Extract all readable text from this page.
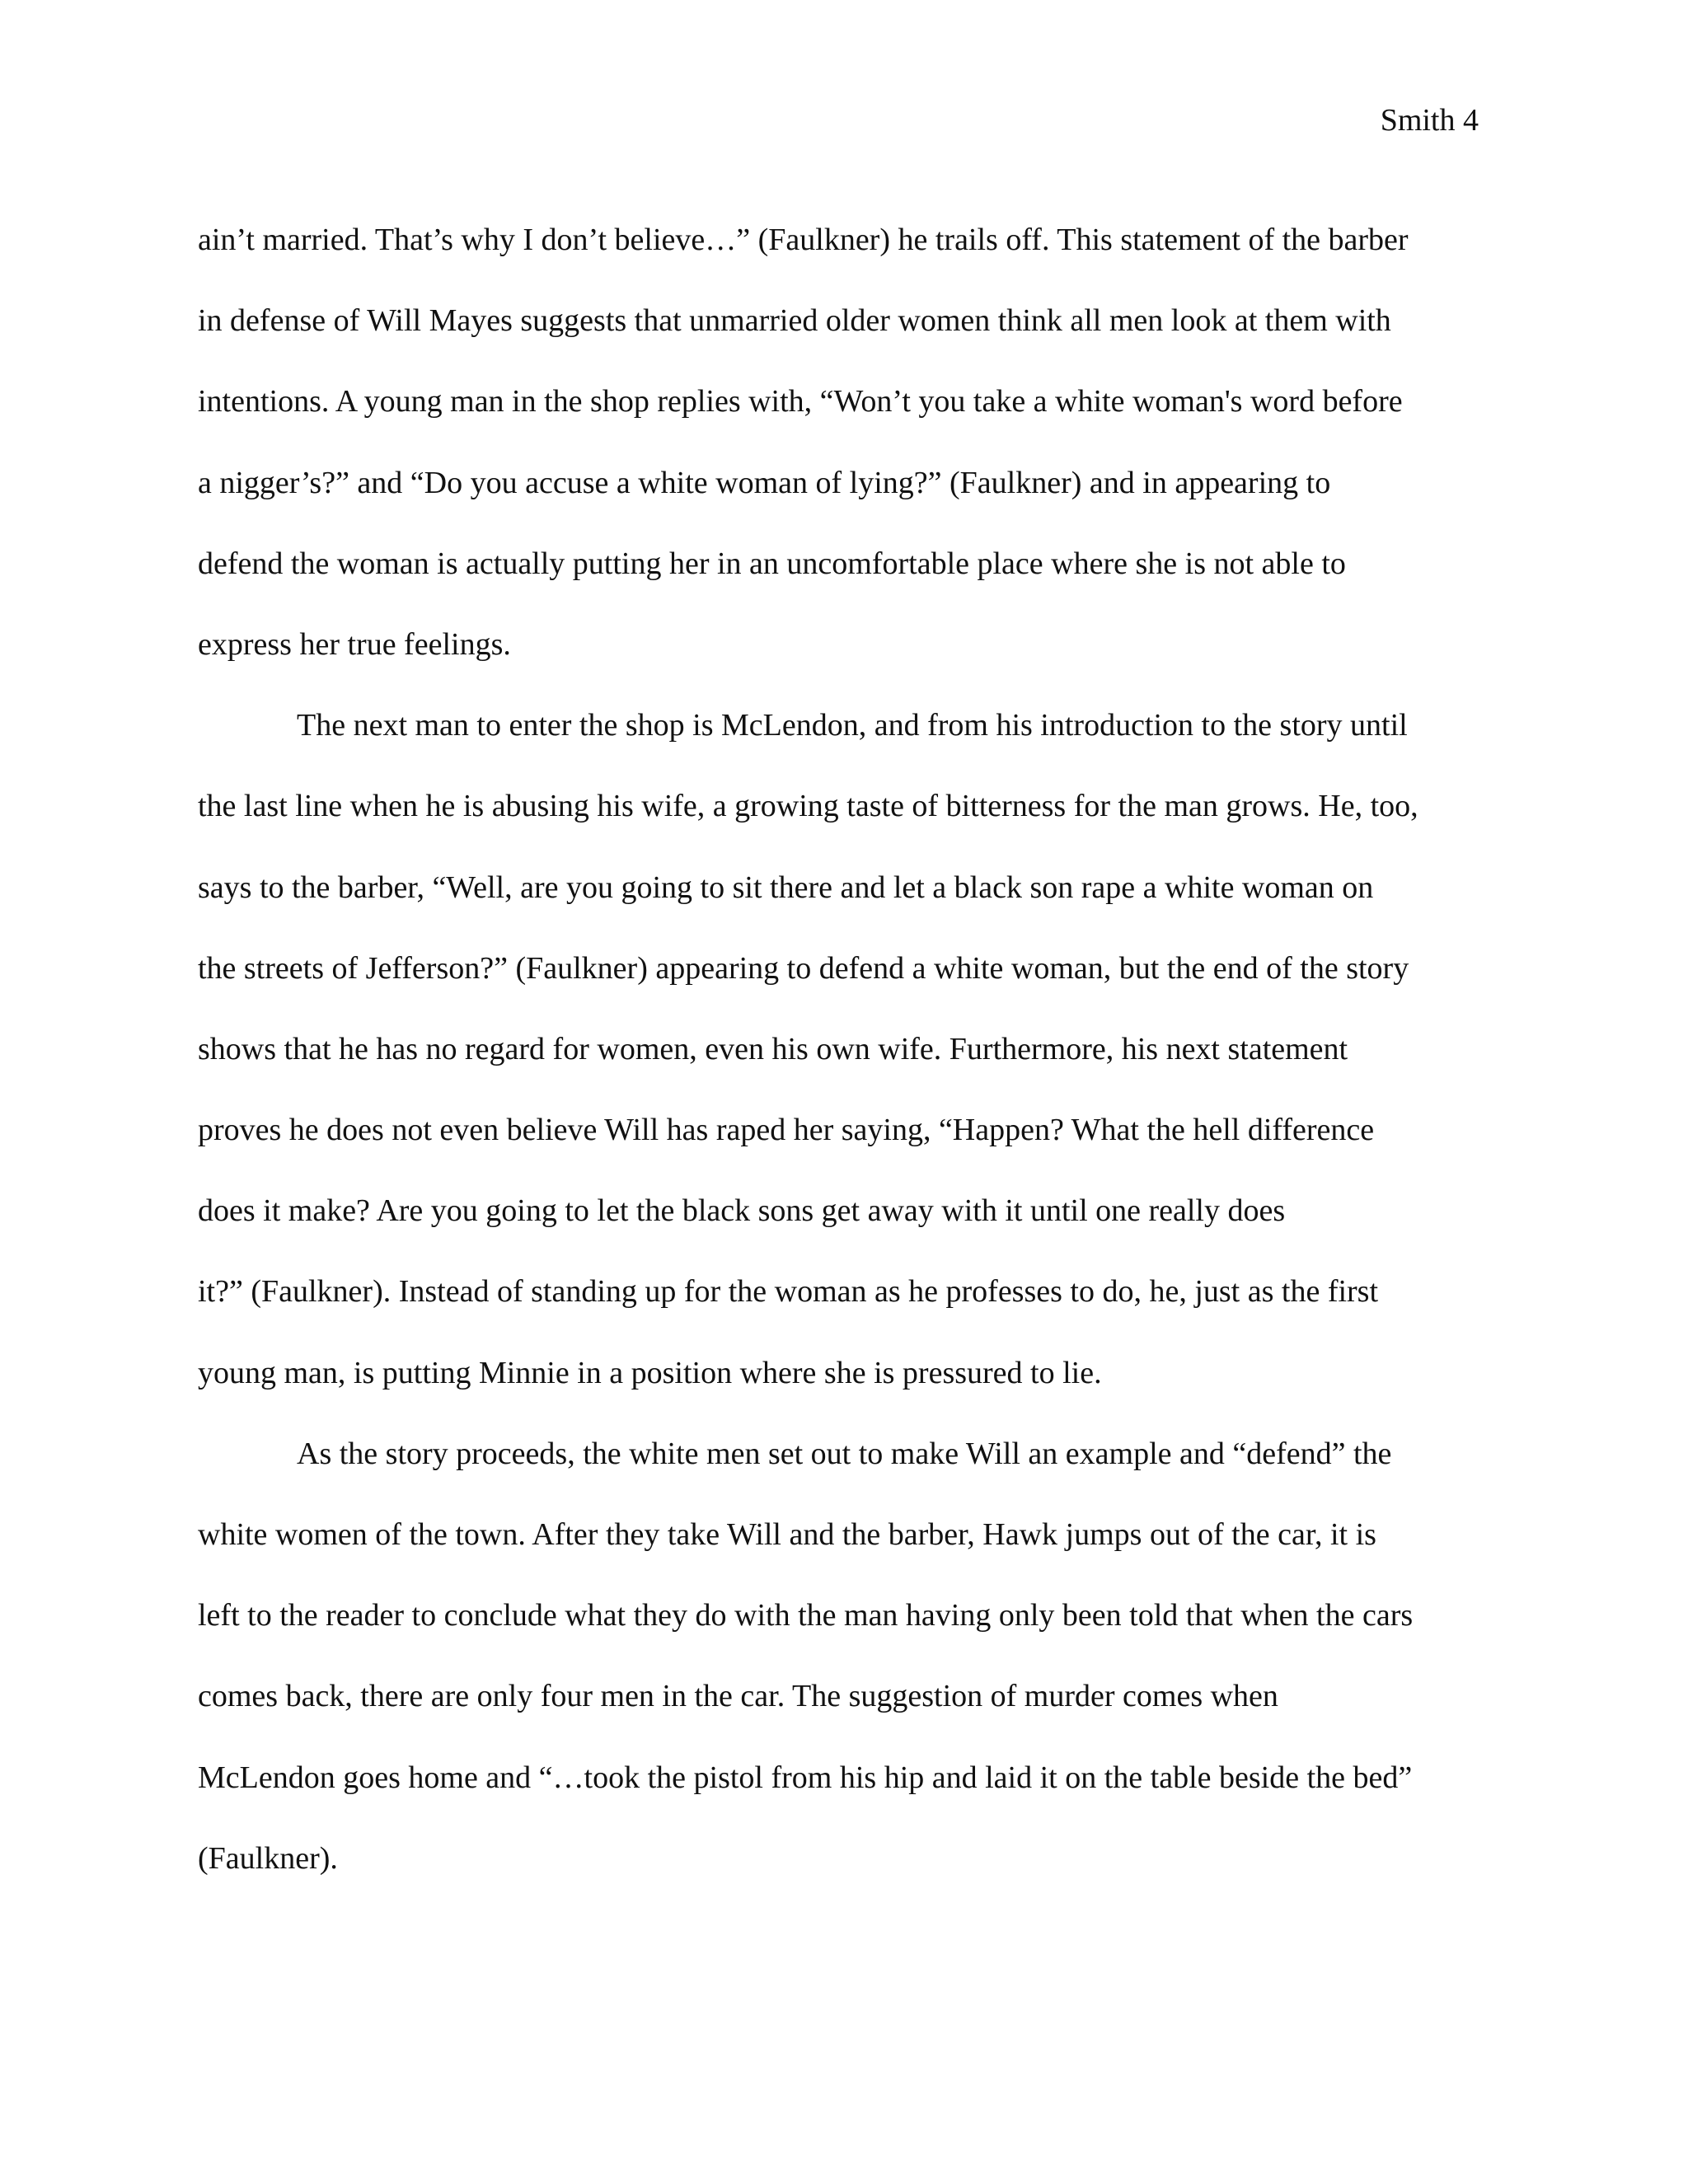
Smith 4
ain’t married. That’s why I don’t believe…” (Faulkner) he trails off. This statement of the barber
in defense of Will Mayes suggests that unmarried older women think all men look at them with
intentions. A young man in the shop replies with, “Won’t you take a white woman's word before
a nigger’s?” and “Do you accuse a white woman of lying?” (Faulkner) and in appearing to
defend the woman is actually putting her in an uncomfortable place where she is not able to
express her true feelings.
The next man to enter the shop is McLendon, and from his introduction to the story until
the last line when he is abusing his wife, a growing taste of bitterness for the man grows. He, too,
says to the barber, “Well, are you going to sit there and let a black son rape a white woman on
the streets of Jefferson?” (Faulkner) appearing to defend a white woman, but the end of the story
shows that he has no regard for women, even his own wife. Furthermore, his next statement
proves he does not even believe Will has raped her saying, “Happen? What the hell difference
does it make? Are you going to let the black sons get away with it until one really does
it?” (Faulkner). Instead of standing up for the woman as he professes to do, he, just as the first
young man, is putting Minnie in a position where she is pressured to lie.
As the story proceeds, the white men set out to make Will an example and “defend” the
white women of the town. After they take Will and the barber, Hawk jumps out of the car, it is
left to the reader to conclude what they do with the man having only been told that when the cars
comes back, there are only four men in the car. The suggestion of murder comes when
McLendon goes home and “…took the pistol from his hip and laid it on the table beside the bed”
(Faulkner).
